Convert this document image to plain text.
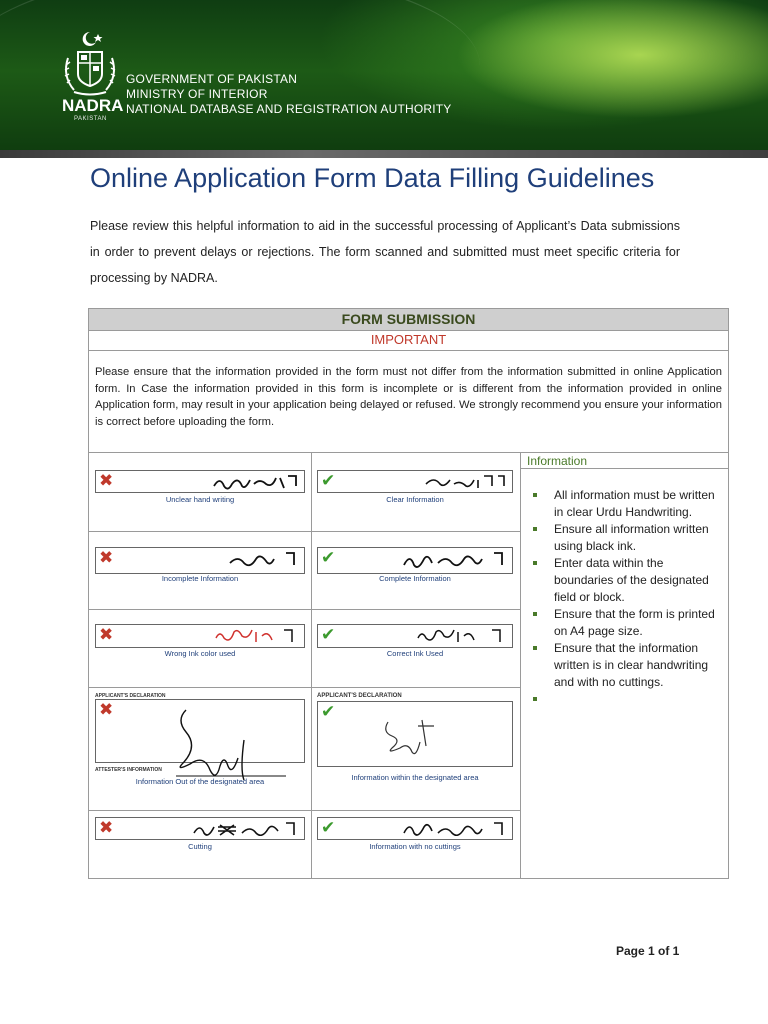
NADRA
PAKISTAN
GOVERNMENT OF PAKISTAN
MINISTRY OF INTERIOR
NATIONAL DATABASE AND REGISTRATION AUTHORITY
Online Application Form Data Filling Guidelines
Please review this helpful information to aid in the successful processing of Applicant’s Data submissions in order to prevent delays or rejections. The form scanned and submitted must meet specific criteria for processing by NADRA.
FORM SUBMISSION
IMPORTANT
Please ensure that the information provided in the form must not differ from the information submitted in online Application form. In Case the information provided in this form is incomplete or is different from the information provided in online Application form, may result in your application being delayed or refused. We strongly recommend you ensure your information is correct before uploading the form.
Information
✖
Unclear hand writing
✔
Clear Information
✖
Incomplete Information
✔
Complete Information
✖
Wrong Ink color used
✔
Correct Ink Used
APPLICANT'S DECLARATION
✖
ATTESTER'S INFORMATION
Information Out of the designated area
APPLICANT'S DECLARATION
✔
Information within the designated area
✖
Cutting
✔
Information with no cuttings
All information must be written in clear Urdu Handwriting.
Ensure all information written using black ink.
Enter data within the boundaries of the designated field or block.
Ensure that the form is printed on A4 page size.
Ensure that the information written is in clear handwriting and with no cuttings.
Page 1 of 1
